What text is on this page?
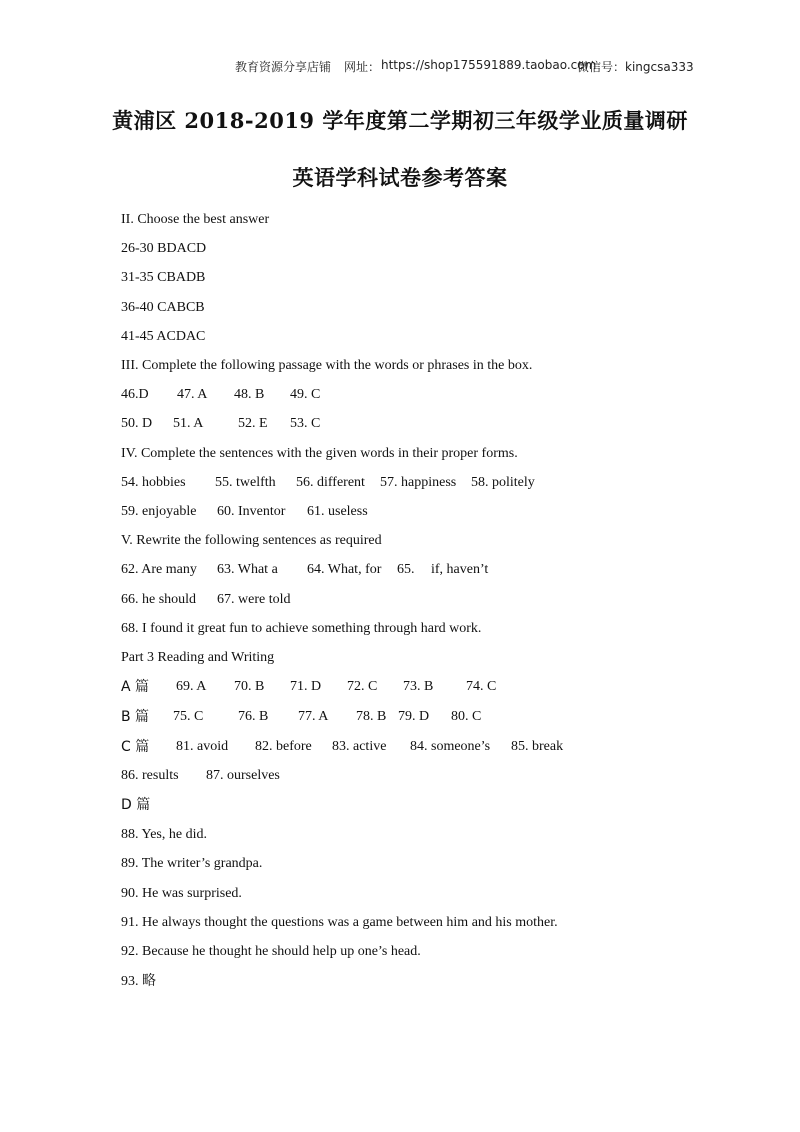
教育资源分享店铺 网址： https://shop175591889.taobao.com
微信号：kingcsa333
黄浦区 2018-2019 学年度第二学期初三年级学业质量调研
英语学科试卷参考答案
II. Choose the best answer
26-30 BDACD
31-35 CBADB
36-40 CABCB
41-45 ACDAC
III. Complete the following passage with the words or phrases in the box.
46.D 47. A 48. B 49. C
50. D 51. A 52. E 53. C
IV. Complete the sentences with the given words in their proper forms.
54. hobbies 55. twelfth 56. different 57. happiness 58. politely
59. enjoyable 60. Inventor 61. useless
V. Rewrite the following sentences as required
62. Are many 63. What a 64. What, for 65. if, haven’t
66. he should 67. were told
68. I found it great fun to achieve something through hard work.
Part 3 Reading and Writing
A 篇 69. A 70. B 71. D 72. C 73. B 74. C
B 篇 75. C 76. B 77. A 78. B 79. D 80. C
C 篇 81. avoid 82. before 83. active 84. someone’s 85. break
86. results 87. ourselves
D 篇
88. Yes, he did.
89. The writer’s grandpa.
90. He was surprised.
91. He always thought the questions was a game between him and his mother.
92. Because he thought he should help up one’s head.
93. 略
